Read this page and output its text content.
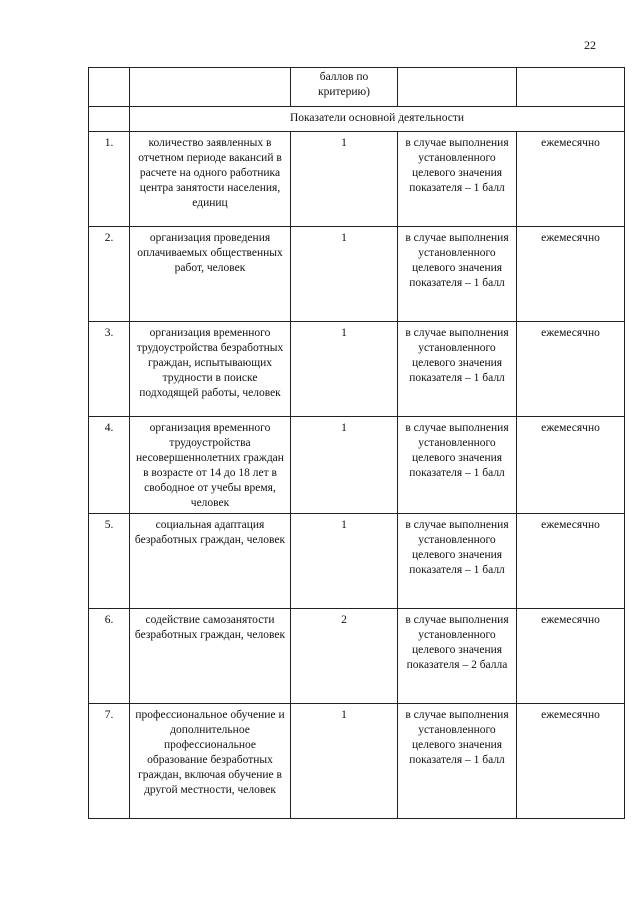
22
		баллов по критерию)		
	Показатели основной деятельности			
1.	количество заявленных в отчетном периоде вакансий в расчете на одного работника центра занятости населения, единиц	1	в случае выполнения установленного целевого значения показателя – 1 балл	ежемесячно
2.	организация проведения оплачиваемых общественных работ, человек	1	в случае выполнения установленного целевого значения показателя – 1 балл	ежемесячно
3.	организация временного трудоустройства безработных граждан, испытывающих трудности в поиске подходящей работы, человек	1	в случае выполнения установленного целевого значения показателя – 1 балл	ежемесячно
4.	организация временного трудоустройства несовершеннолетних граждан в возрасте от 14 до 18 лет в свободное от учебы время, человек	1	в случае выполнения установленного целевого значения показателя – 1 балл	ежемесячно
5.	социальная адаптация безработных граждан, человек	1	в случае выполнения установленного целевого значения показателя – 1 балл	ежемесячно
6.	содействие самозанятости безработных граждан, человек	2	в случае выполнения установленного целевого значения показателя – 2 балла	ежемесячно
7.	профессиональное обучение и дополнительное профессиональное образование безработных граждан, включая обучение в другой местности, человек	1	в случае выполнения установленного целевого значения показателя – 1 балл	ежемесячно
